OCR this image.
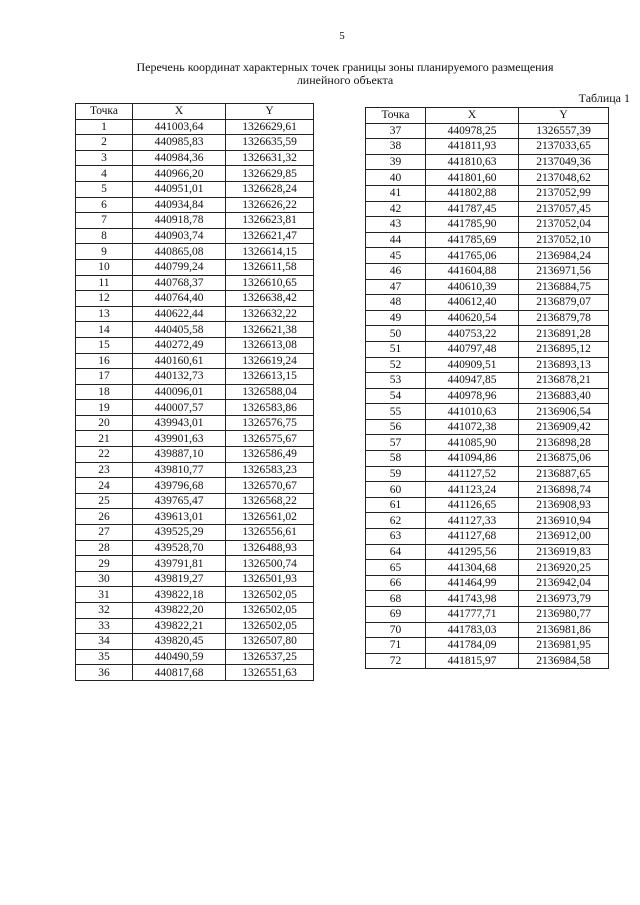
5
Перечень координат характерных точек границы зоны планируемого размещения
линейного объекта
Таблица 1
Точка	X	Y
1	441003,64	1326629,61
2	440985,83	1326635,59
3	440984,36	1326631,32
4	440966,20	1326629,85
5	440951,01	1326628,24
6	440934,84	1326626,22
7	440918,78	1326623,81
8	440903,74	1326621,47
9	440865,08	1326614,15
10	440799,24	1326611,58
11	440768,37	1326610,65
12	440764,40	1326638,42
13	440622,44	1326632,22
14	440405,58	1326621,38
15	440272,49	1326613,08
16	440160,61	1326619,24
17	440132,73	1326613,15
18	440096,01	1326588,04
19	440007,57	1326583,86
20	439943,01	1326576,75
21	439901,63	1326575,67
22	439887,10	1326586,49
23	439810,77	1326583,23
24	439796,68	1326570,67
25	439765,47	1326568,22
26	439613,01	1326561,02
27	439525,29	1326556,61
28	439528,70	1326488,93
29	439791,81	1326500,74
30	439819,27	1326501,93
31	439822,18	1326502,05
32	439822,20	1326502,05
33	439822,21	1326502,05
34	439820,45	1326507,80
35	440490,59	1326537,25
36	440817,68	1326551,63
Точка	X	Y
37	440978,25	1326557,39
38	441811,93	2137033,65
39	441810,63	2137049,36
40	441801,60	2137048,62
41	441802,88	2137052,99
42	441787,45	2137057,45
43	441785,90	2137052,04
44	441785,69	2137052,10
45	441765,06	2136984,24
46	441604,88	2136971,56
47	440610,39	2136884,75
48	440612,40	2136879,07
49	440620,54	2136879,78
50	440753,22	2136891,28
51	440797,48	2136895,12
52	440909,51	2136893,13
53	440947,85	2136878,21
54	440978,96	2136883,40
55	441010,63	2136906,54
56	441072,38	2136909,42
57	441085,90	2136898,28
58	441094,86	2136875,06
59	441127,52	2136887,65
60	441123,24	2136898,74
61	441126,65	2136908,93
62	441127,33	2136910,94
63	441127,68	2136912,00
64	441295,56	2136919,83
65	441304,68	2136920,25
66	441464,99	2136942,04
68	441743,98	2136973,79
69	441777,71	2136980,77
70	441783,03	2136981,86
71	441784,09	2136981,95
72	441815,97	2136984,58
